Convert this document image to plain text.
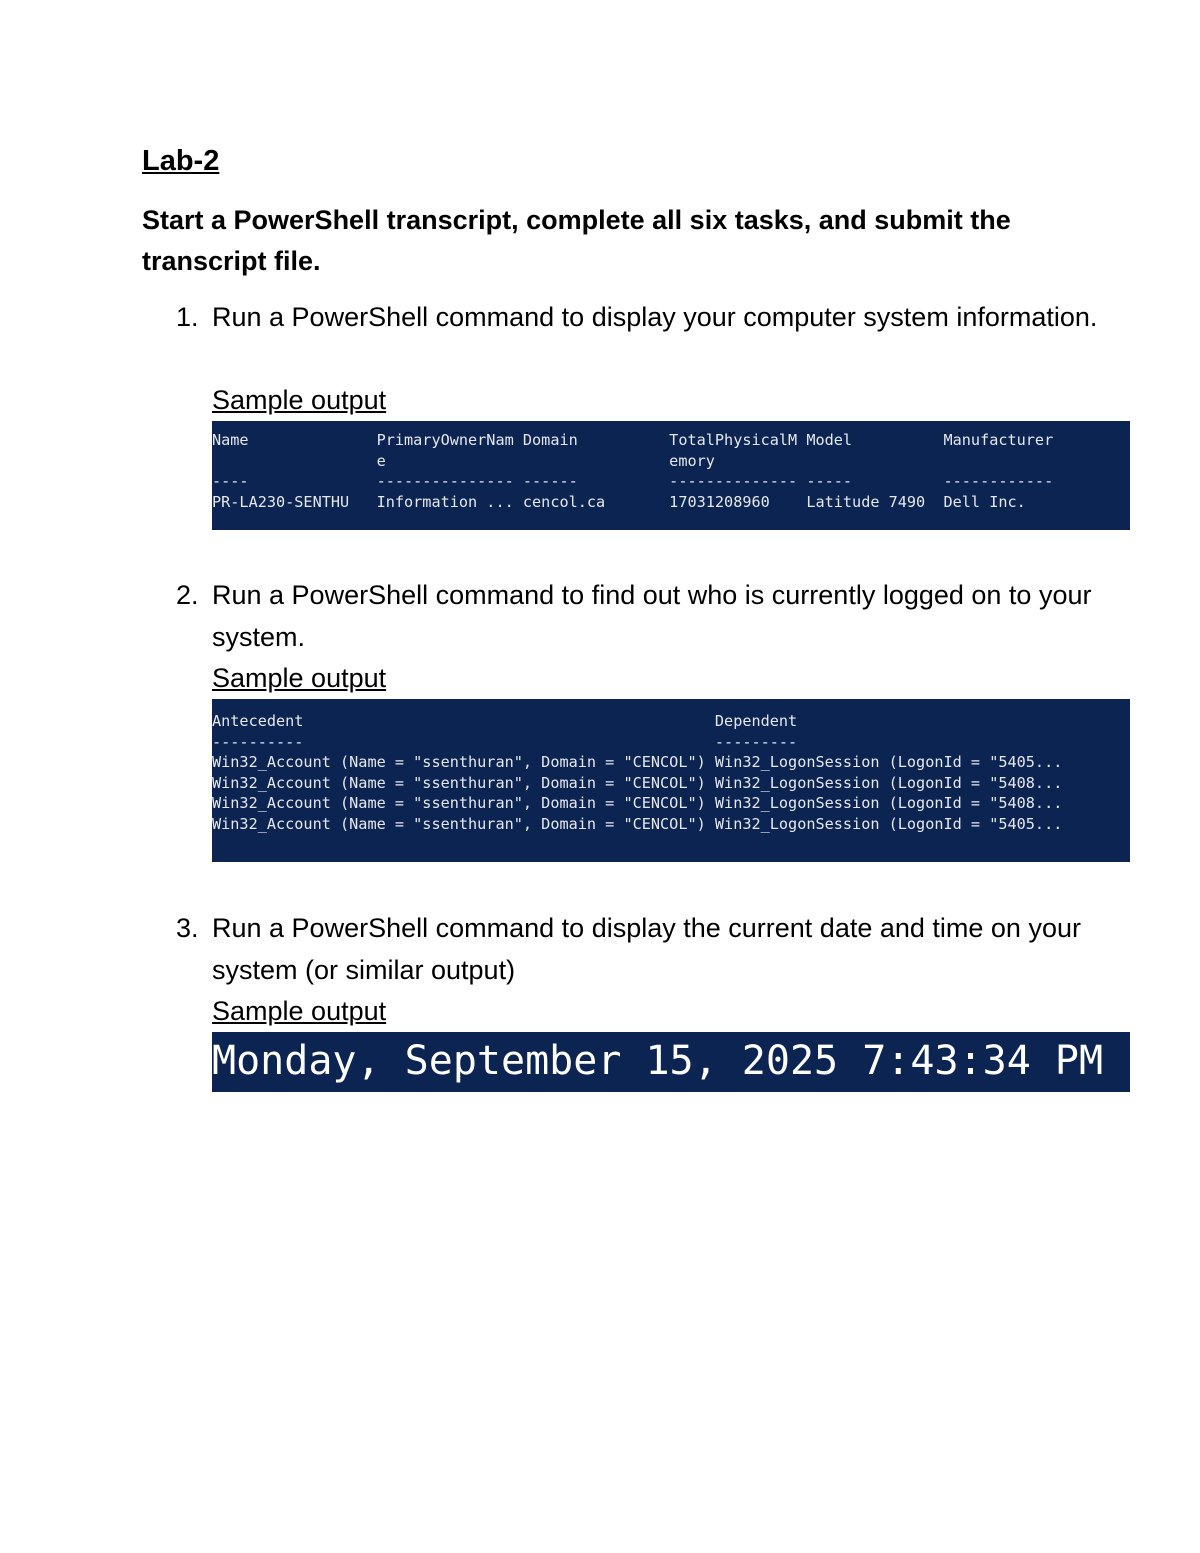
Lab-2
Start a PowerShell transcript, complete all six tasks, and submit the transcript file.
1. Run a PowerShell command to display your computer system information.
Sample output
Name              PrimaryOwnerNam Domain          TotalPhysicalM Model          Manufacturer
e                               emory
----              --------------- ------          -------------- -----          ------------
PR-LA230-SENTHU   Information ... cencol.ca       17031208960    Latitude 7490  Dell Inc.
2. Run a PowerShell command to find out who is currently logged on to your system.
Sample output
Antecedent                                             Dependent
----------                                             ---------
Win32_Account (Name = "ssenthuran", Domain = "CENCOL") Win32_LogonSession (LogonId = "5405...
Win32_Account (Name = "ssenthuran", Domain = "CENCOL") Win32_LogonSession (LogonId = "5408...
Win32_Account (Name = "ssenthuran", Domain = "CENCOL") Win32_LogonSession (LogonId = "5408...
Win32_Account (Name = "ssenthuran", Domain = "CENCOL") Win32_LogonSession (LogonId = "5405...
3. Run a PowerShell command to display the current date and time on your system (or similar output)
Sample output
Monday, September 15, 2025 7:43:34 PM
